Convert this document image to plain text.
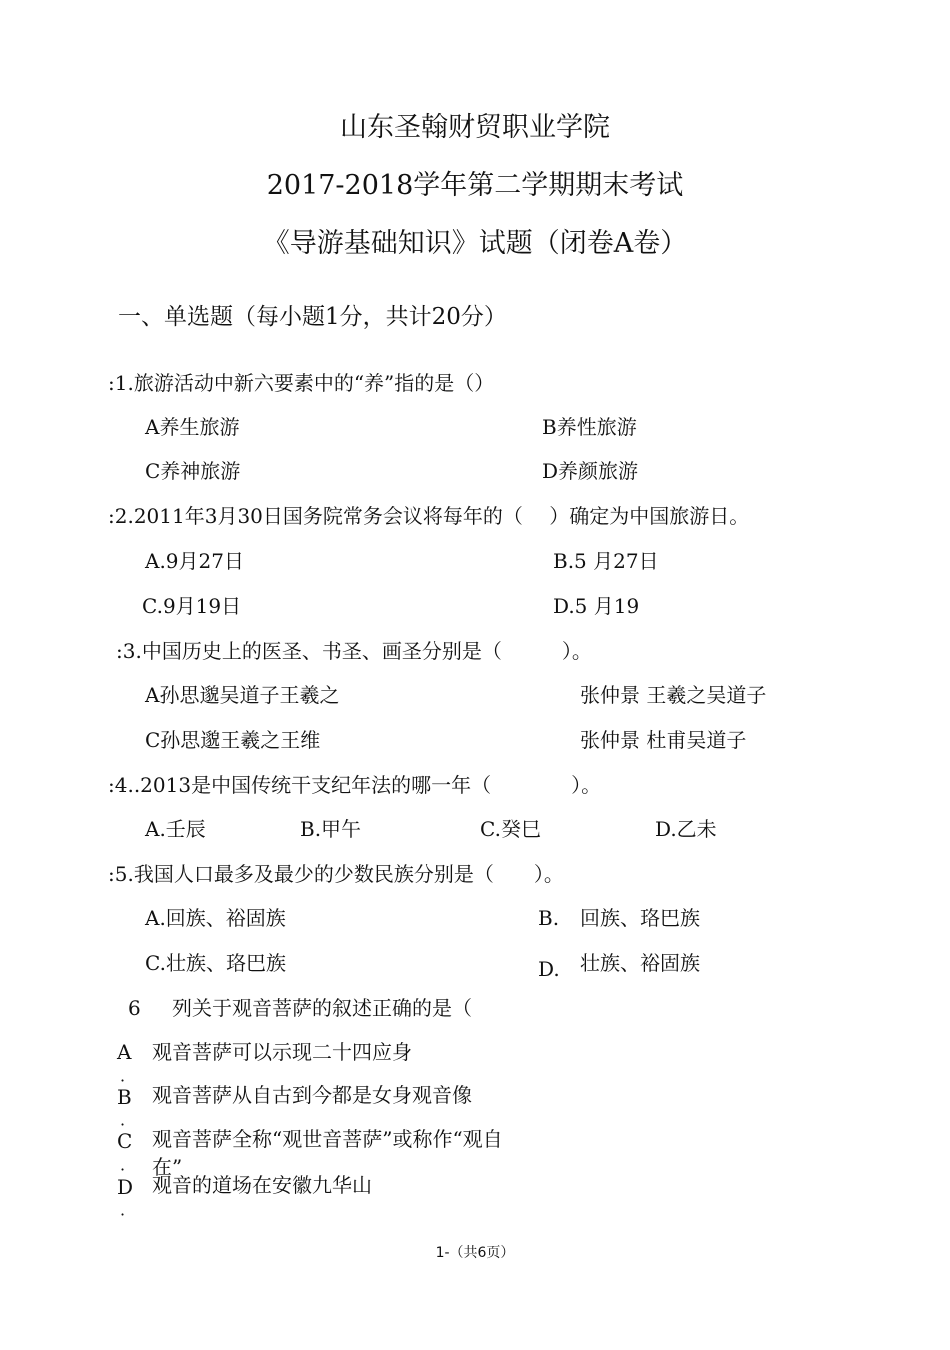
山东圣翰财贸职业学院
2017-2018学年第二学期期末考试
《导游基础知识》试题（闭卷A卷）
一、单选题（每小题1分，共计20分）
:1.旅游活动中新六要素中的“养”指的是（）
A养生旅游	B养性旅游
C养神旅游	D养颜旅游
:2.2011年3月30日国务院常务会议将每年的（　 ）确定为中国旅游日。
A.9月27日	B.5 月27日
C.9月19日	D.5 月19
:3.中国历史上的医圣、书圣、画圣分别是（　　　）。
A孙思邈吴道子王羲之	张仲景 王羲之吴道子
C孙思邈王羲之王维	张仲景 杜甫吴道子
:4..2013是中国传统干支纪年法的哪一年（　　　　）。
A.壬辰	B.甲午	C.癸巳	D.乙未
:5.我国人口最多及最少的少数民族分别是（　　）。
A.回族、裕固族	B. 回族、珞巴族
C.壮族、珞巴族	D. 壮族、裕固族
6 列关于观音菩萨的叙述正确的是（
A 观音菩萨可以示现二十四应身
·
B 观音菩萨从自古到今都是女身观音像
·
C 观音菩萨全称“观世音菩萨”或称作“观自
在”
·
D 观音的道场在安徽九华山
·
1-（共6页）
